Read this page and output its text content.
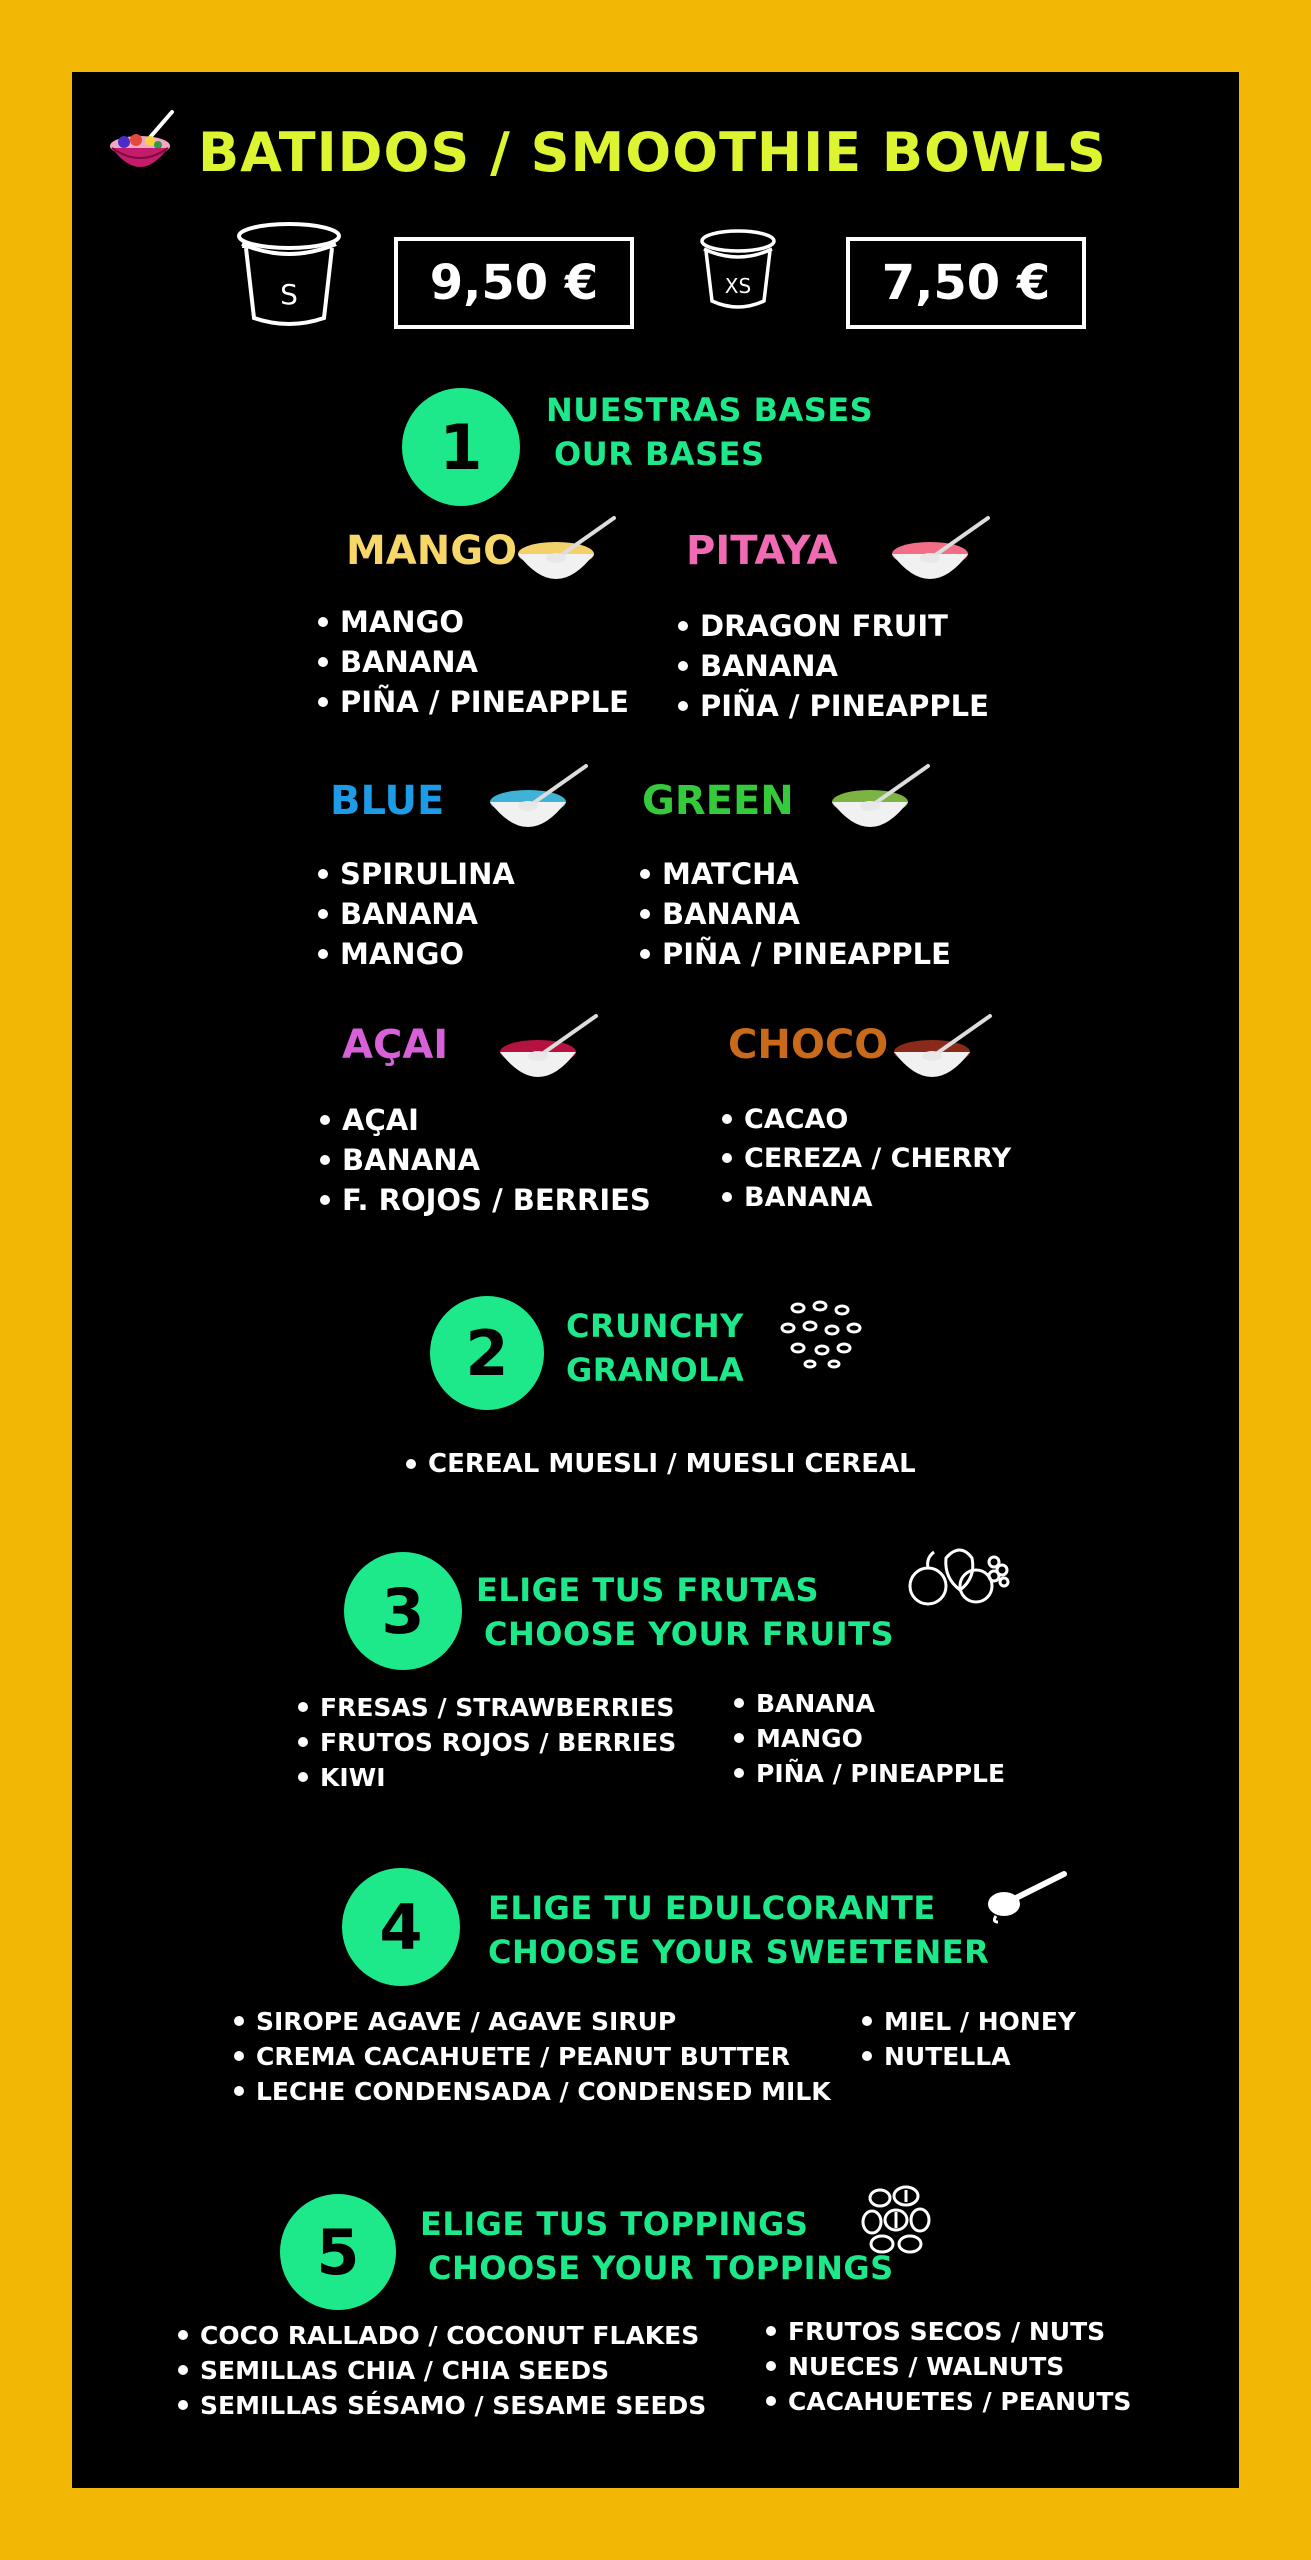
BATIDOS / SMOOTHIE BOWLS
S	9,50 €	XS	7,50 €
1
NUESTRAS BASES
OUR BASES
MANGO
MANGO
BANANA
PIÑA / PINEAPPLE
PITAYA
DRAGON FRUIT
BANANA
PIÑA / PINEAPPLE
BLUE
SPIRULINA
BANANA
MANGO
GREEN
MATCHA
BANANA
PIÑA / PINEAPPLE
AÇAI
AÇAI
BANANA
F. ROJOS / BERRIES
CHOCO
CACAO
CEREZA / CHERRY
BANANA
2	CRUNCHY
GRANOLA
CEREAL MUESLI / MUESLI CEREAL
3	ELIGE TUS FRUTAS
CHOOSE YOUR FRUITS
FRESAS / STRAWBERRIES
FRUTOS ROJOS / BERRIES
KIWI
BANANA
MANGO
PIÑA / PINEAPPLE
4	ELIGE TU EDULCORANTE
CHOOSE YOUR SWEETENER
SIROPE AGAVE / AGAVE SIRUP
CREMA CACAHUETE / PEANUT BUTTER
LECHE CONDENSADA / CONDENSED MILK
MIEL / HONEY
NUTELLA
5	ELIGE TUS TOPPINGS
CHOOSE YOUR TOPPINGS
COCO RALLADO / COCONUT FLAKES
SEMILLAS CHIA / CHIA SEEDS
SEMILLAS SÉSAMO / SESAME SEEDS
FRUTOS SECOS / NUTS
NUECES / WALNUTS
CACAHUETES / PEANUTS
